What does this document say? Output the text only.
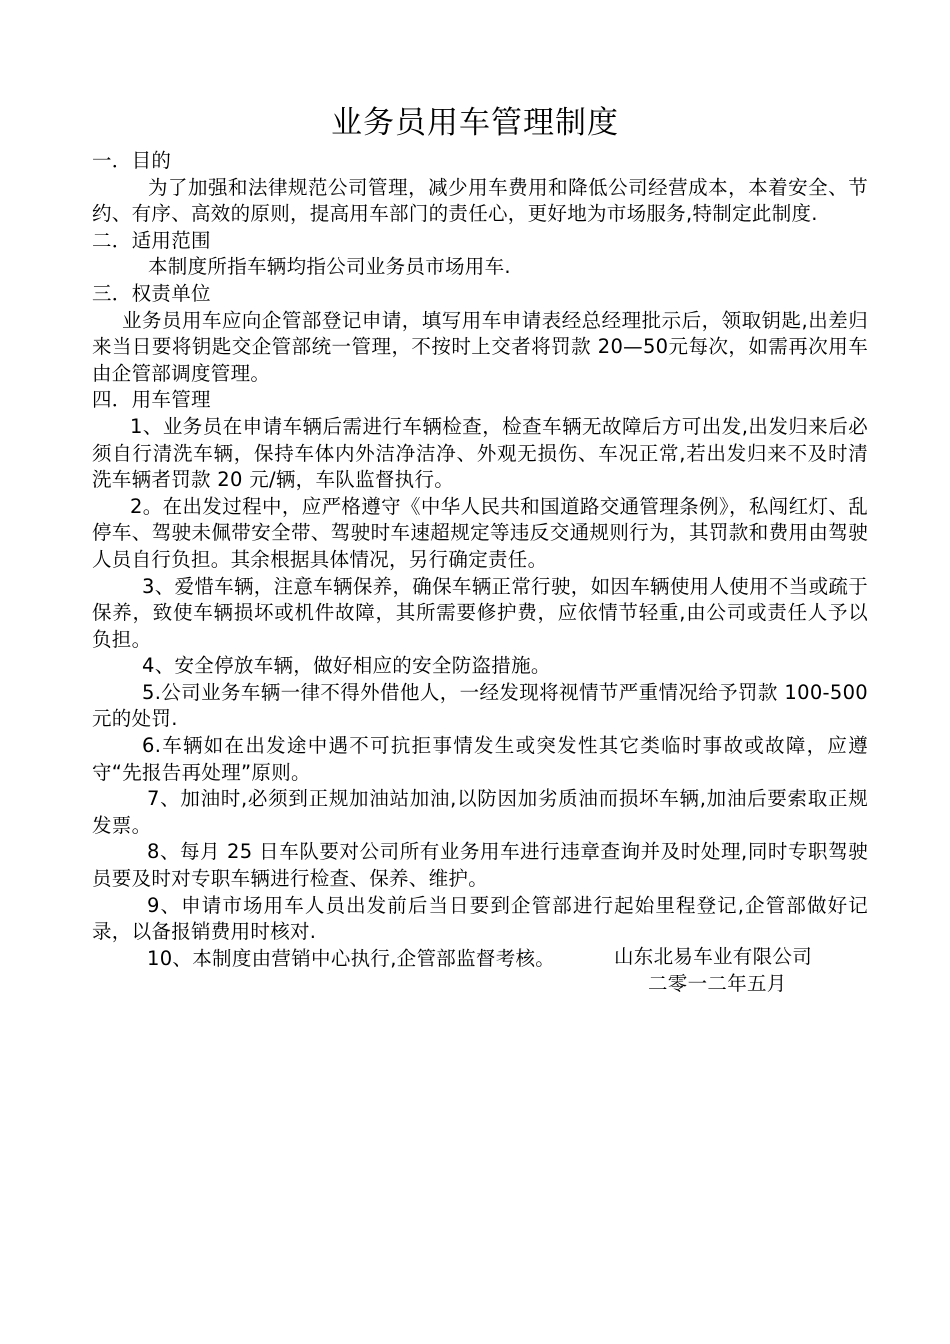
业务员用车管理制度

一．目的

为了加强和法律规范公司管理，减少用车费用和降低公司经营成本，本着安全、节约、有序、高效的原则，提高用车部门的责任心，更好地为市场服务,特制定此制度.

二．适用范围

本制度所指车辆均指公司业务员市场用车.

三．权责单位

业务员用车应向企管部登记申请，填写用车申请表经总经理批示后，领取钥匙,出差归来当日要将钥匙交企管部统一管理，不按时上交者将罚款 20—50元每次，如需再次用车由企管部调度管理。

四．用车管理

1、业务员在申请车辆后需进行车辆检查，检查车辆无故障后方可出发,出发归来后必须自行清洗车辆，保持车体内外洁净洁净、外观无损伤、车况正常,若出发归来不及时清洗车辆者罚款 20 元/辆，车队监督执行。

2。在出发过程中，应严格遵守《中华人民共和国道路交通管理条例》，私闯红灯、乱停车、驾驶未佩带安全带、驾驶时车速超规定等违反交通规则行为，其罚款和费用由驾驶人员自行负担。其余根据具体情况，另行确定责任。

3、爱惜车辆，注意车辆保养，确保车辆正常行驶，如因车辆使用人使用不当或疏于保养，致使车辆损坏或机件故障，其所需要修护费，应依情节轻重,由公司或责任人予以负担。

4、安全停放车辆，做好相应的安全防盗措施。

5.公司业务车辆一律不得外借他人，一经发现将视情节严重情况给予罚款 100-500 元的处罚.

6.车辆如在出发途中遇不可抗拒事情发生或突发性其它类临时事故或故障，应遵守“先报告再处理”原则。

7、加油时,必须到正规加油站加油,以防因加劣质油而损坏车辆,加油后要索取正规发票。

8、每月 25 日车队要对公司所有业务用车进行违章查询并及时处理,同时专职驾驶员要及时对专职车辆进行检查、保养、维护。

9、申请市场用车人员出发前后当日要到企管部进行起始里程登记,企管部做好记录，以备报销费用时核对.

10、本制度由营销中心执行,企管部监督考核。	山东北易车业有限公司

二零一二年五月
